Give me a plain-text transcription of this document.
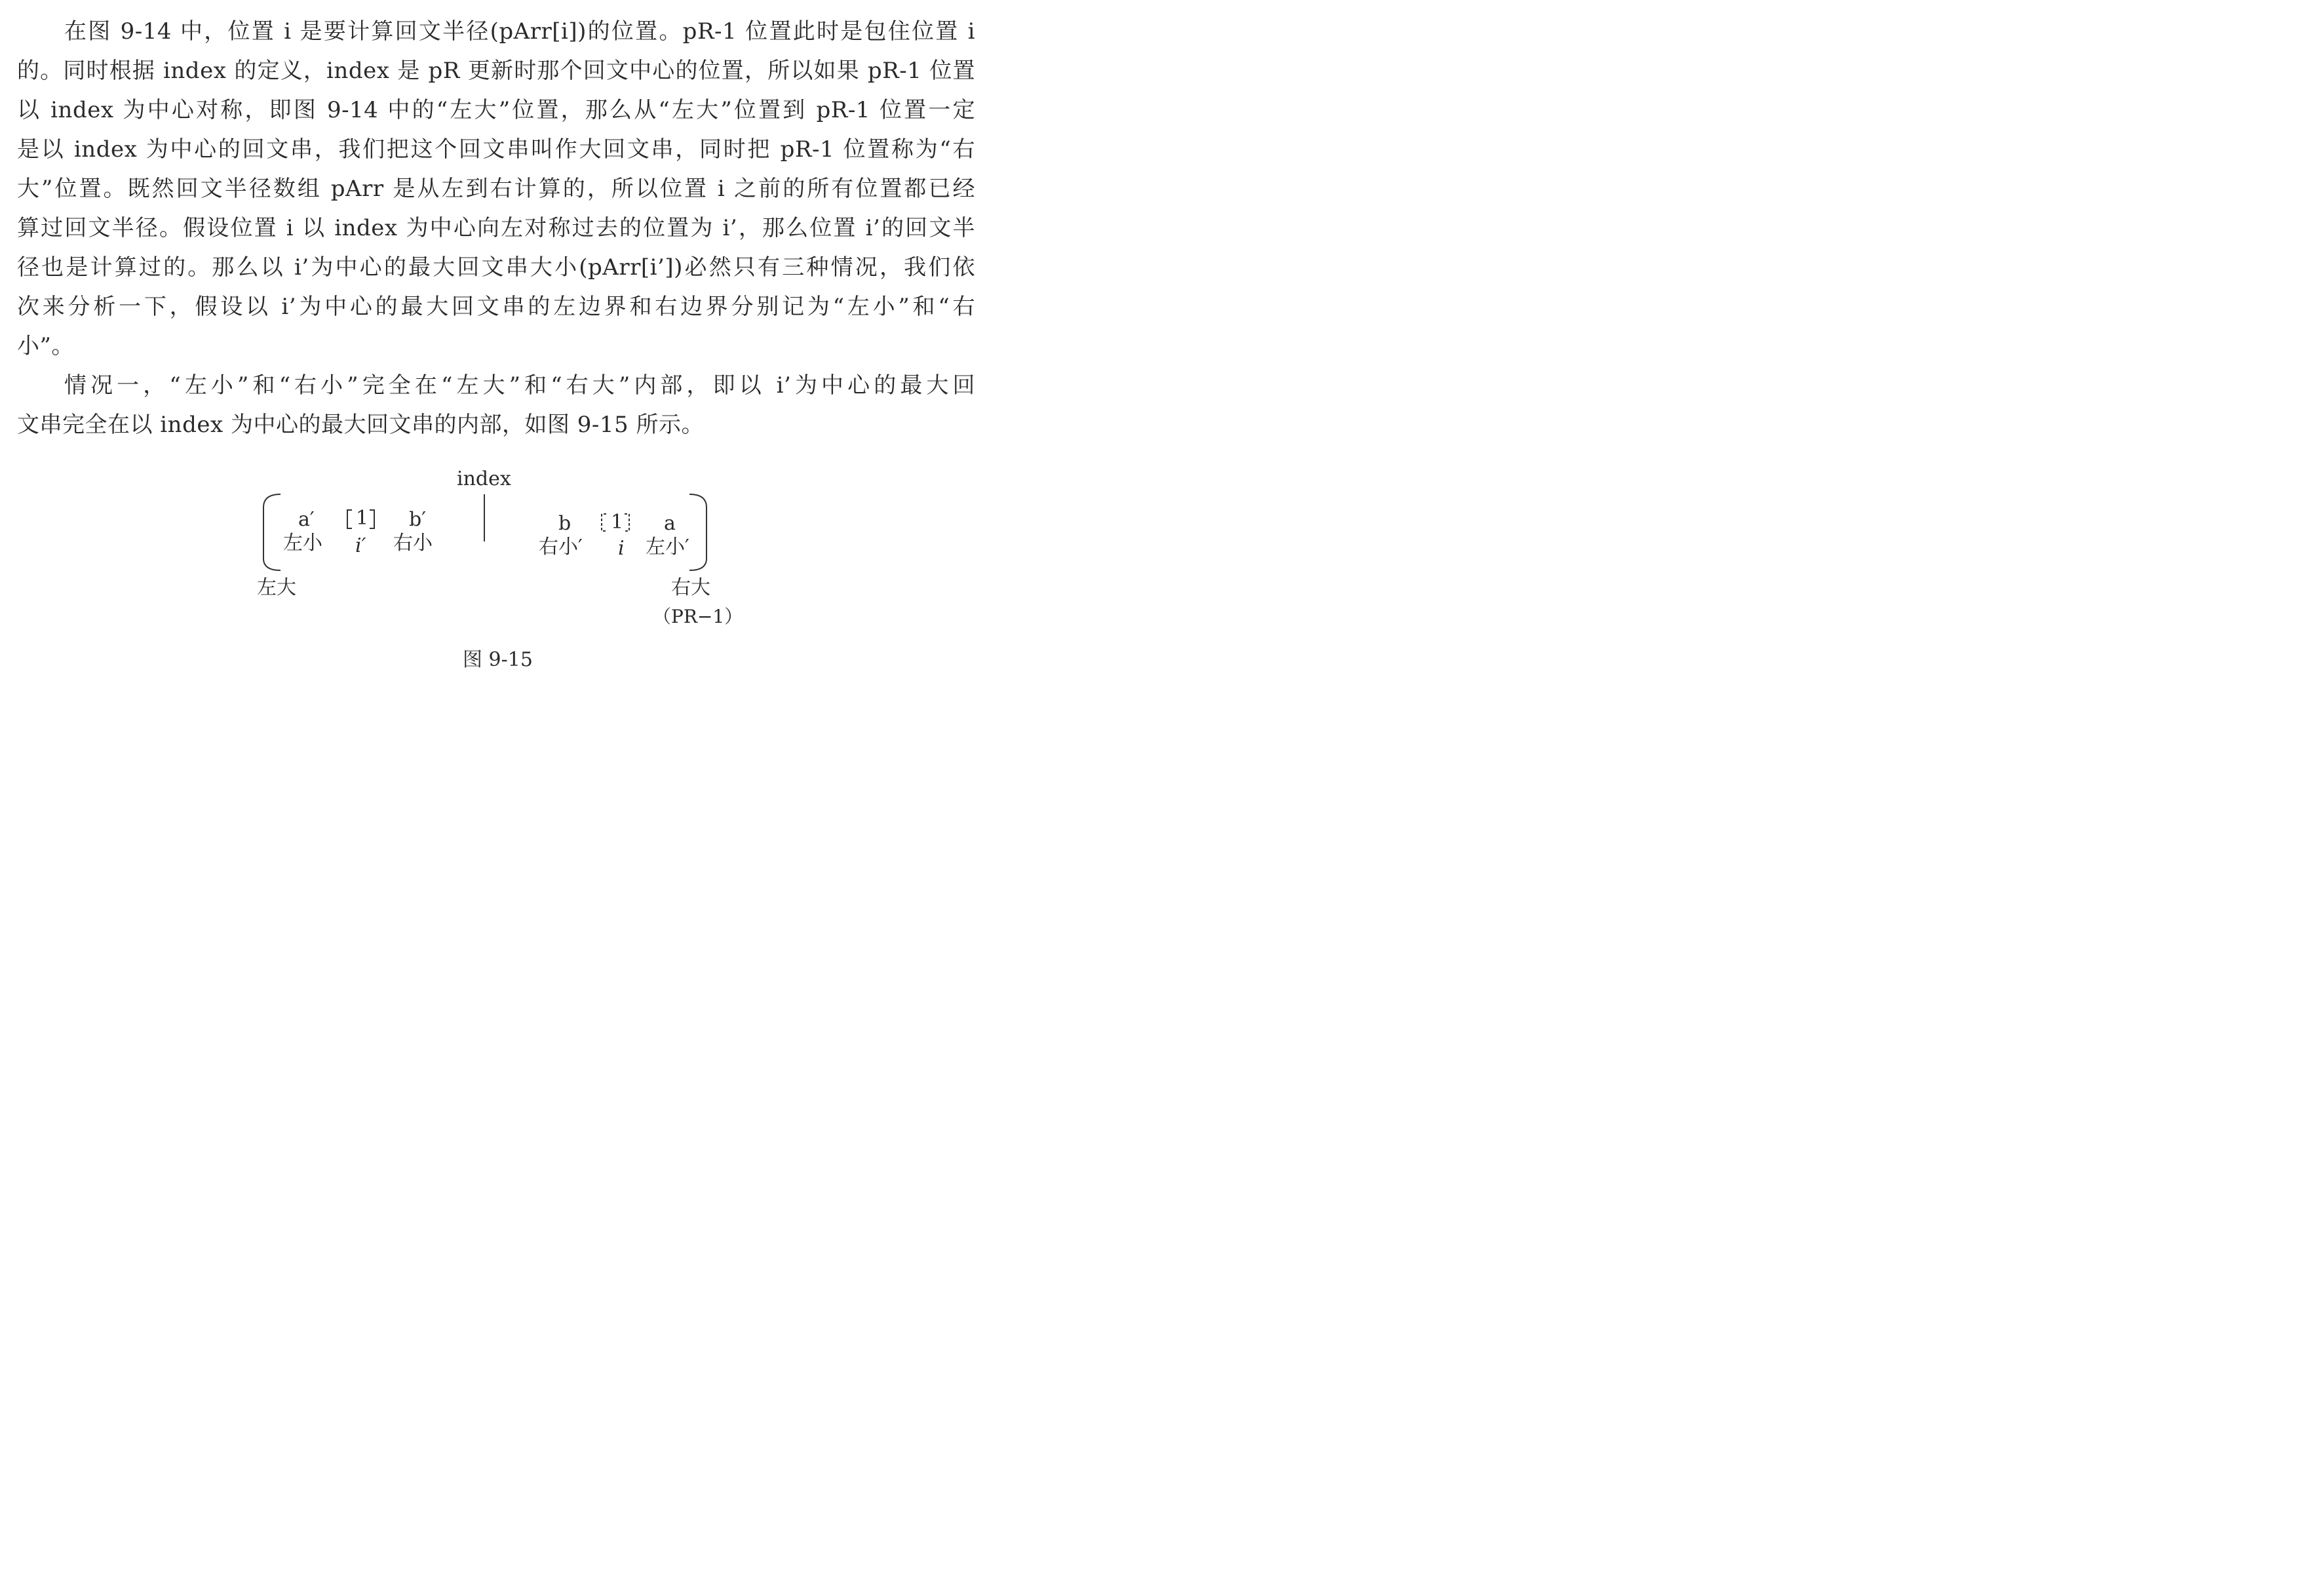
在图 9-14 中，位置 i 是要计算回文半径(pArr[i])的位置。pR-1 位置此时是包住位置 i
的。同时根据 index 的定义，index 是 pR 更新时那个回文中心的位置，所以如果 pR-1 位置
以 index 为中心对称，即图 9-14 中的“左大”位置，那么从“左大”位置到 pR-1 位置一定
是以 index 为中心的回文串，我们把这个回文串叫作大回文串，同时把 pR-1 位置称为“右
大”位置。既然回文半径数组 pArr 是从左到右计算的，所以位置 i 之前的所有位置都已经
算过回文半径。假设位置 i 以 index 为中心向左对称过去的位置为 i’，那么位置 i’的回文半
径也是计算过的。那么以 i’为中心的最大回文串大小(pArr[i’])必然只有三种情况，我们依
次来分析一下，假设以 i’为中心的最大回文串的左边界和右边界分别记为“左小”和“右
小”。
情况一，“左小”和“右小”完全在“左大”和“右大”内部，即以 i’为中心的最大回
文串完全在以 index 为中心的最大回文串的内部，如图 9-15 所示。
index
a′ 1 b′
左小 i′ 右小
b 1 a
右小′ i 左小′
左大	右大
（PR−1）
图 9-15
